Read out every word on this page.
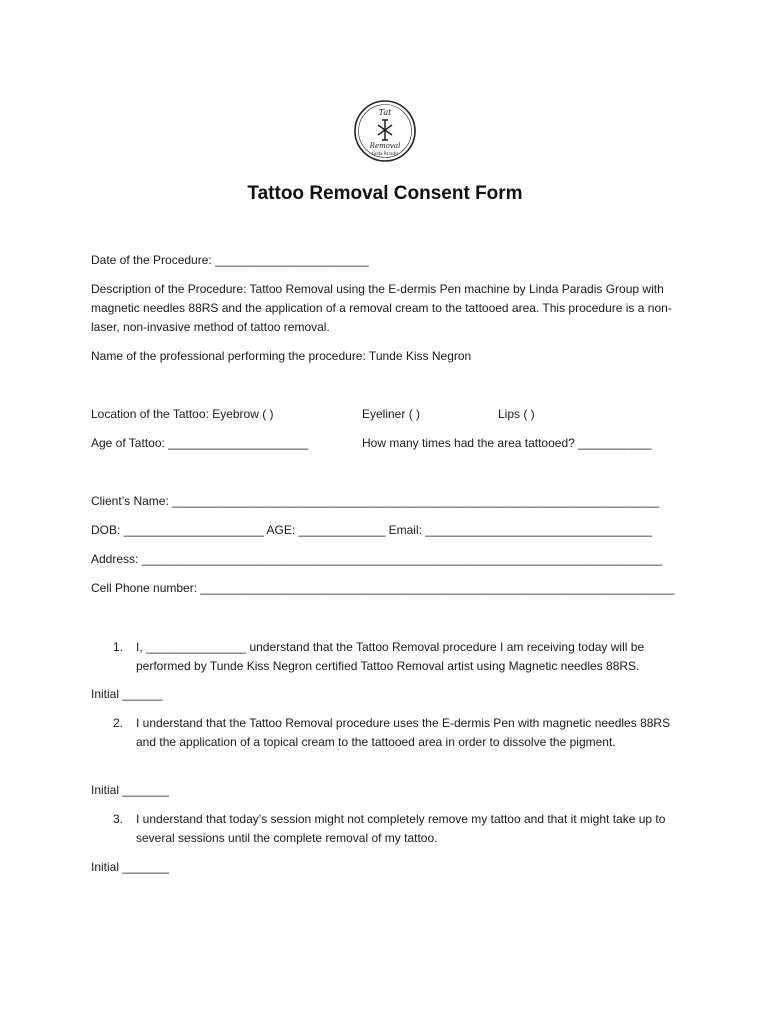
Tat
Removal
Linda Paradis
Tattoo Removal Consent Form
Date of the Procedure: _______________________
Description of the Procedure: Tattoo Removal using the E-dermis Pen machine by Linda Paradis Group with magnetic needles 88RS and the application of a removal cream to the tattooed area. This procedure is a non-laser, non-invasive method of tattoo removal.
Name of the professional performing the procedure: Tunde Kiss Negron
Location of the Tattoo: Eyebrow ( )	Eyeliner ( )	Lips ( )
Age of Tattoo: _____________________	How many times had the area tattooed? ___________
Client’s Name: _________________________________________________________________________
DOB: _____________________ AGE: _____________ Email: __________________________________
Address: ______________________________________________________________________________
Cell Phone number: _______________________________________________________________________
1. I, _______________ understand that the Tattoo Removal procedure I am receiving today will be performed by Tunde Kiss Negron certified Tattoo Removal artist using Magnetic needles 88RS.
Initial ______
2. I understand that the Tattoo Removal procedure uses the E-dermis Pen with magnetic needles 88RS and the application of a topical cream to the tattooed area in order to dissolve the pigment.
Initial _______
3. I understand that today’s session might not completely remove my tattoo and that it might take up to several sessions until the complete removal of my tattoo.
Initial _______
